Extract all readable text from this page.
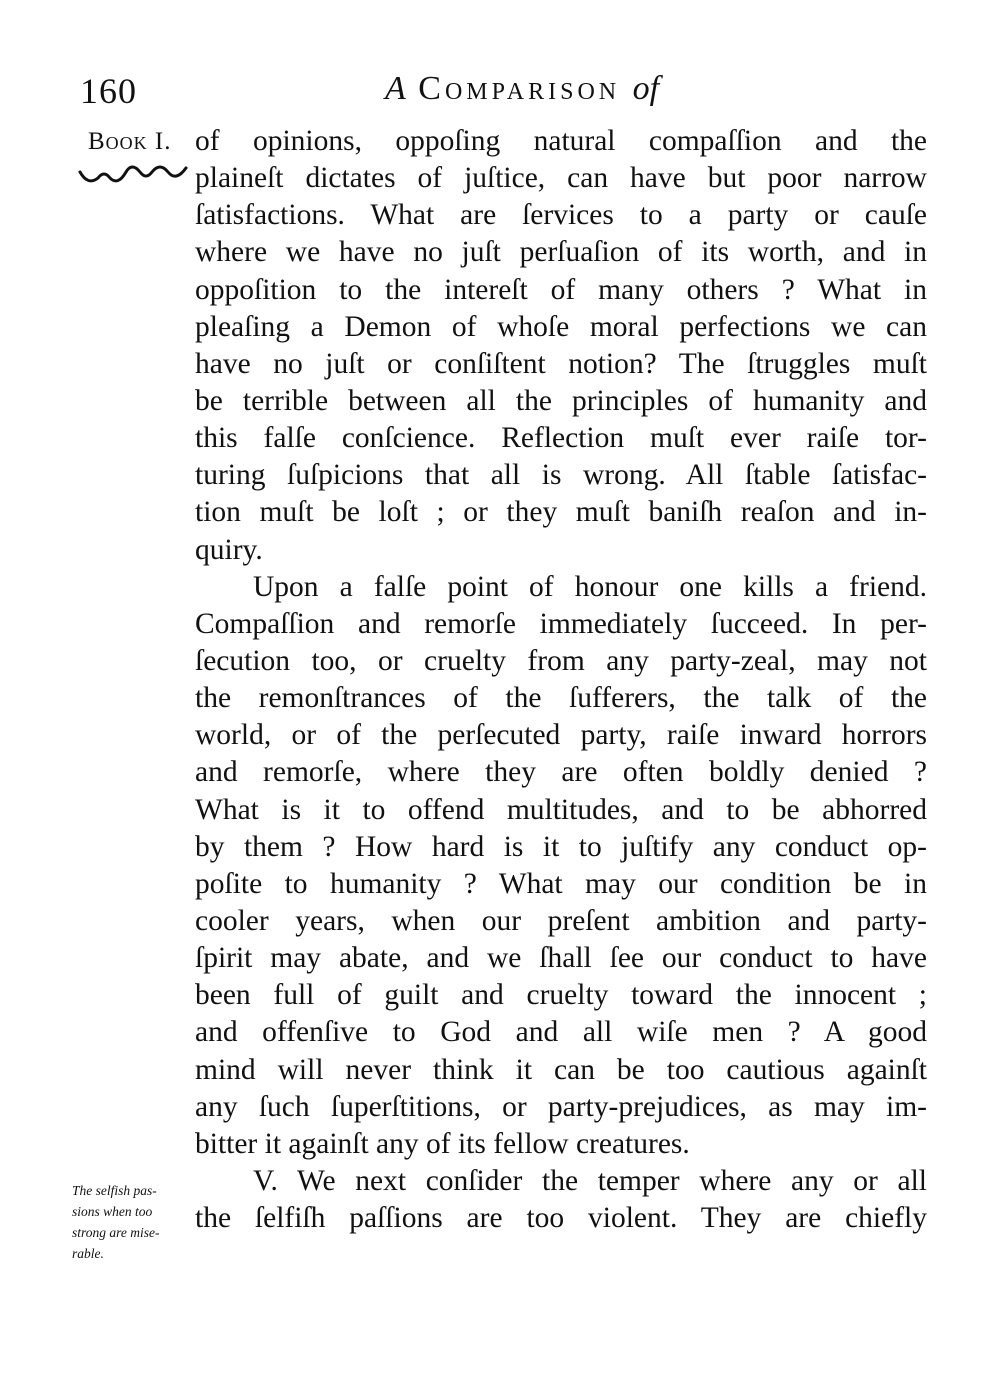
160	A Comparison of
Book I. of opinions, oppoſing natural compaſſion and the
plaineſt dictates of juſtice, can have but poor narrow
ſatisfactions. What are ſervices to a party or cauſe
where we have no juſt perſuaſion of its worth, and in
oppoſition to the intereſt of many others ? What in
pleaſing a Demon of whoſe moral perfections we can
have no juſt or conſiſtent notion? The ſtruggles muſt
be terrible between all the principles of humanity and
this falſe conſcience. Reflection muſt ever raiſe tor-
turing ſuſpicions that all is wrong. All ſtable ſatisfac-
tion muſt be loſt ; or they muſt baniſh reaſon and in-
quiry.
Upon a falſe point of honour one kills a friend.
Compaſſion and remorſe immediately ſucceed. In per-
ſecution too, or cruelty from any party-zeal, may not
the remonſtrances of the ſufferers, the talk of the
world, or of the perſecuted party, raiſe inward horrors
and remorſe, where they are often boldly denied ?
What is it to offend multitudes, and to be abhorred
by them ? How hard is it to juſtify any conduct op-
poſite to humanity ? What may our condition be in
cooler years, when our preſent ambition and party-
ſpirit may abate, and we ſhall ſee our conduct to have
been full of guilt and cruelty toward the innocent ;
and offenſive to God and all wiſe men ? A good
mind will never think it can be too cautious againſt
any ſuch ſuperſtitions, or party-prejudices, as may im-
bitter it againſt any of its fellow creatures.
V. We next conſider the temper where any or all
the ſelfiſh paſſions are too violent. They are chiefly
The selfish pas-
sions when too
strong are mise-
rable.
